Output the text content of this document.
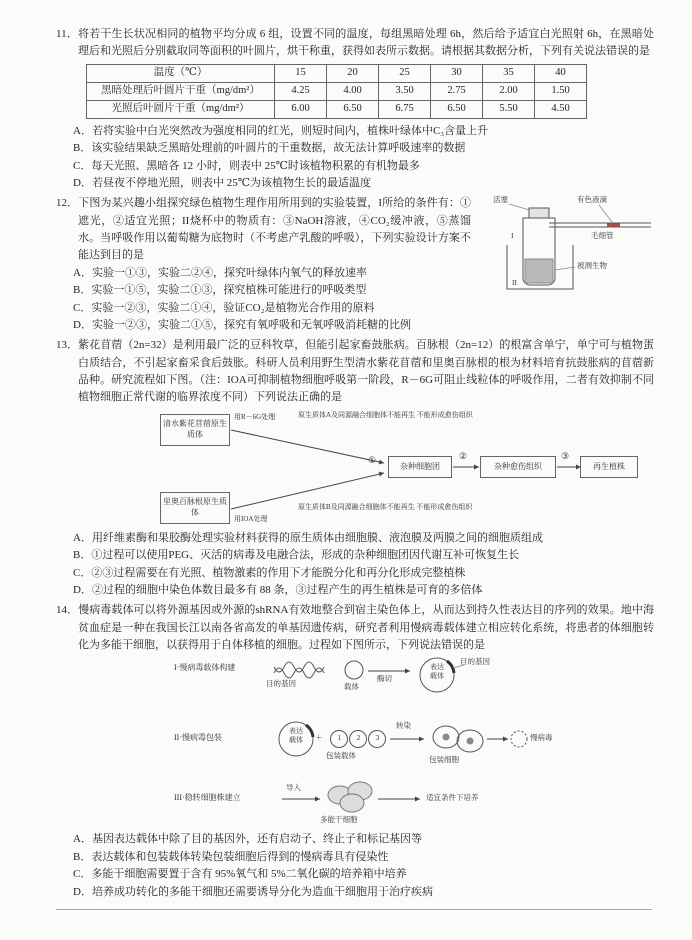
11．将若干生长状况相同的植物平均分成 6 组，设置不同的温度，每组黑暗处理 6h，然后给予适宜白光照射 6h，在黑暗处理后和光照后分别截取同等面积的叶圆片，烘干称重，获得如表所示数据。请根据其数据分析，下列有关说法错误的是

温度（℃）	15	20	25	30	35	40
黑暗处理后叶圆片干重（mg/dm²）	4.25	4.00	3.50	2.75	2.00	1.50
光照后叶圆片干重（mg/dm²）	6.00	6.50	6.75	6.50	5.50	4.50
A．若将实验中白光突然改为强度相同的红光，则短时间内，植株叶绿体中C₃含量上升
B．该实验结果缺乏黑暗处理前的叶圆片的干重数据，故无法计算呼吸速率的数据
C．每天光照、黑暗各 12 小时，则表中 25℃时该植物积累的有机物最多
D．若昼夜不停地光照，则表中 25℃为该植物生长的最适温度
活塞	有色液滴
毛细管
被测生物
I
II

12．下图为某兴趣小组探究绿色植物生理作用所用到的实验装置，I所给的条件有：①遮光，②适宜光照；II烧杯中的物质有：③NaOH溶液，④CO₂缓冲液，⑤蒸馏水。当呼吸作用以葡萄糖为底物时（不考虑产乳酸的呼吸），下列实验设计方案不能达到目的是

A．实验一①③，实验二②④，探究叶绿体内氧气的释放速率
B．实验一①⑤，实验二①③，探究植株可能进行的呼吸类型
C．实验一②③，实验二①④，验证CO₂是植物光合作用的原料
D．实验一②③，实验二①⑤，探究有氧呼吸和无氧呼吸消耗糖的比例

13．紫花苜蓿（2n=32）是利用最广泛的豆科牧草，但能引起家畜鼓胀病。百脉根（2n=12）的根富含单宁，单宁可与植物蛋白质结合，不引起家畜采食后鼓胀。科研人员利用野生型清水紫花苜蓿和里奥百脉根的根为材料培育抗鼓胀病的苜蓿新品种。研究流程如下图。（注：IOA可抑制植物细胞呼吸第一阶段，R－6G可阻止线粒体的呼吸作用，二者有效抑制不同植物细胞正常代谢的临界浓度不同）下列说法正确的是

清水紫花苜蓿原生质体
里奥百脉根原生质体
用R－6G处理
用IOA处理
原生质体A及同源融合细胞体不能再生 不能形成愈伤组织
原生质体B及同源融合细胞体不能再生 不能形成愈伤组织
①
杂种细胞团
②
杂种愈伤组织
③
再生植株
A．用纤维素酶和果胶酶处理实验材料获得的原生质体由细胞膜、液泡膜及两膜之间的细胞质组成
B．①过程可以使用PEG、灭活的病毒及电融合法，形成的杂种细胞团因代谢互补可恢复生长
C．②③过程需要在有光照、植物激素的作用下才能脱分化和再分化形成完整植株
D．②过程的细胞中染色体数目最多有 88 条，③过程产生的再生植株是可育的多倍体

14．慢病毒载体可以将外源基因或外源的shRNA有效地整合到宿主染色体上，从而达到持久性表达目的序列的效果。地中海贫血症是一种在我国长江以南各省高发的单基因遗传病，研究者利用慢病毒载体建立相应转化系统，将患者的体细胞转化为多能干细胞，以获得用于自体移植的细胞。过程如下图所示，下列说法错误的是

I·慢病毒载体构建
目的基因	载体
酶切
表达载体
目的基因
II·慢病毒包装
表达载体 ＋	1	2	3
包装载体
转染
包装细胞
慢病毒
III·稳转细胞株建立
导入
多能干细胞
适宜条件下培养
A．基因表达载体中除了目的基因外，还有启动子、终止子和标记基因等
B．表达载体和包装载体转染包装细胞后得到的慢病毒具有侵染性
C．多能干细胞需要置于含有 95%氧气和 5%二氧化碳的培养箱中培养
D．培养成功转化的多能干细胞还需要诱导分化为造血干细胞用于治疗疾病
